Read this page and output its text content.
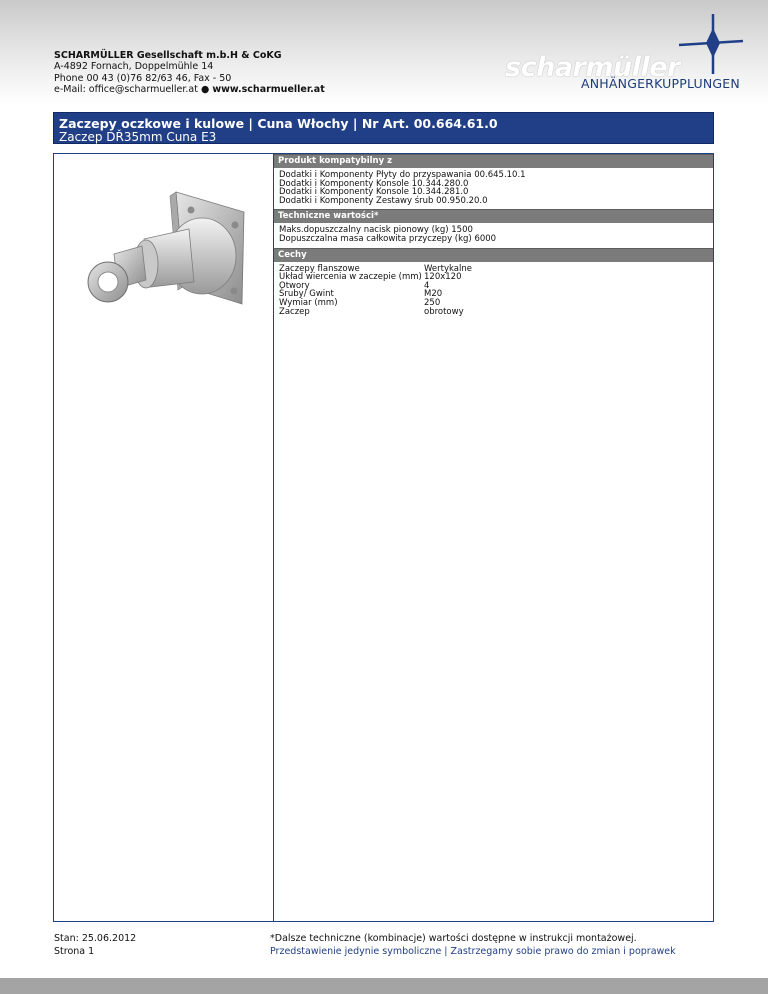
SCHARMÜLLER Gesellschaft m.b.H & CoKG
A-4892 Fornach, Doppelmühle 14
Phone 00 43 (0)76 82/63 46, Fax - 50
e-Mail: office@scharmueller.at ● www.scharmueller.at
scharmüller
ANHÄNGERKUPPLUNGEN
Zaczepy oczkowe i kulowe | Cuna Włochy | Nr Art. 00.664.61.0
Zaczep DŘ35mm Cuna E3
Produkt kompatybilny z
Dodatki i Komponenty Płyty do przyspawania 00.645.10.1
Dodatki i Komponenty Konsole 10.344.280.0
Dodatki i Komponenty Konsole 10.344.281.0
Dodatki i Komponenty Zestawy śrub 00.950.20.0
Techniczne wartości*
Maks.dopuszczalny nacisk pionowy (kg) 1500
Dopuszczalna masa całkowita przyczepy (kg) 6000
Cechy
Zaczepy flanszowe	Wertykalne
Układ wiercenia w zaczepie (mm) 120x120
Otwory	4
Śruby/ Gwint	M20
Wymiar (mm)	250
Zaczep	obrotowy
Stan: 25.06.2012
Strona 1
*Dalsze techniczne (kombinacje) wartości dostępne w instrukcji montażowej.
Przedstawienie jedynie symboliczne | Zastrzegamy sobie prawo do zmian i poprawek
